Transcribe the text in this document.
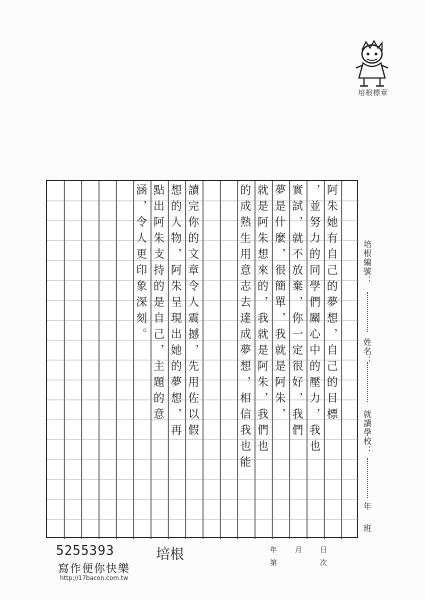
培根標章
阿朱她有自己的夢想，自己的目標
，並努力的同學們關心中的壓力，我也
實試，就不放棄，你一定很好，我們
夢是什麼，很簡單，我就是阿朱，
就是阿朱想來的，我就是阿朱，我們也
的成熟生用意志去達成夢想，相信我也能
讀完你的文章令人震撼，先用佐以假
想的人物，阿朱呈現出她的夢想，再
點出阿朱支持的是自己，主題的意
涵，令人更印象深刻。	培根編號：
姓名：
就讀學校：
年
班
年	月	日
第	次
5255393
寫作便你快樂
http://17bacon.com.tw
培根
